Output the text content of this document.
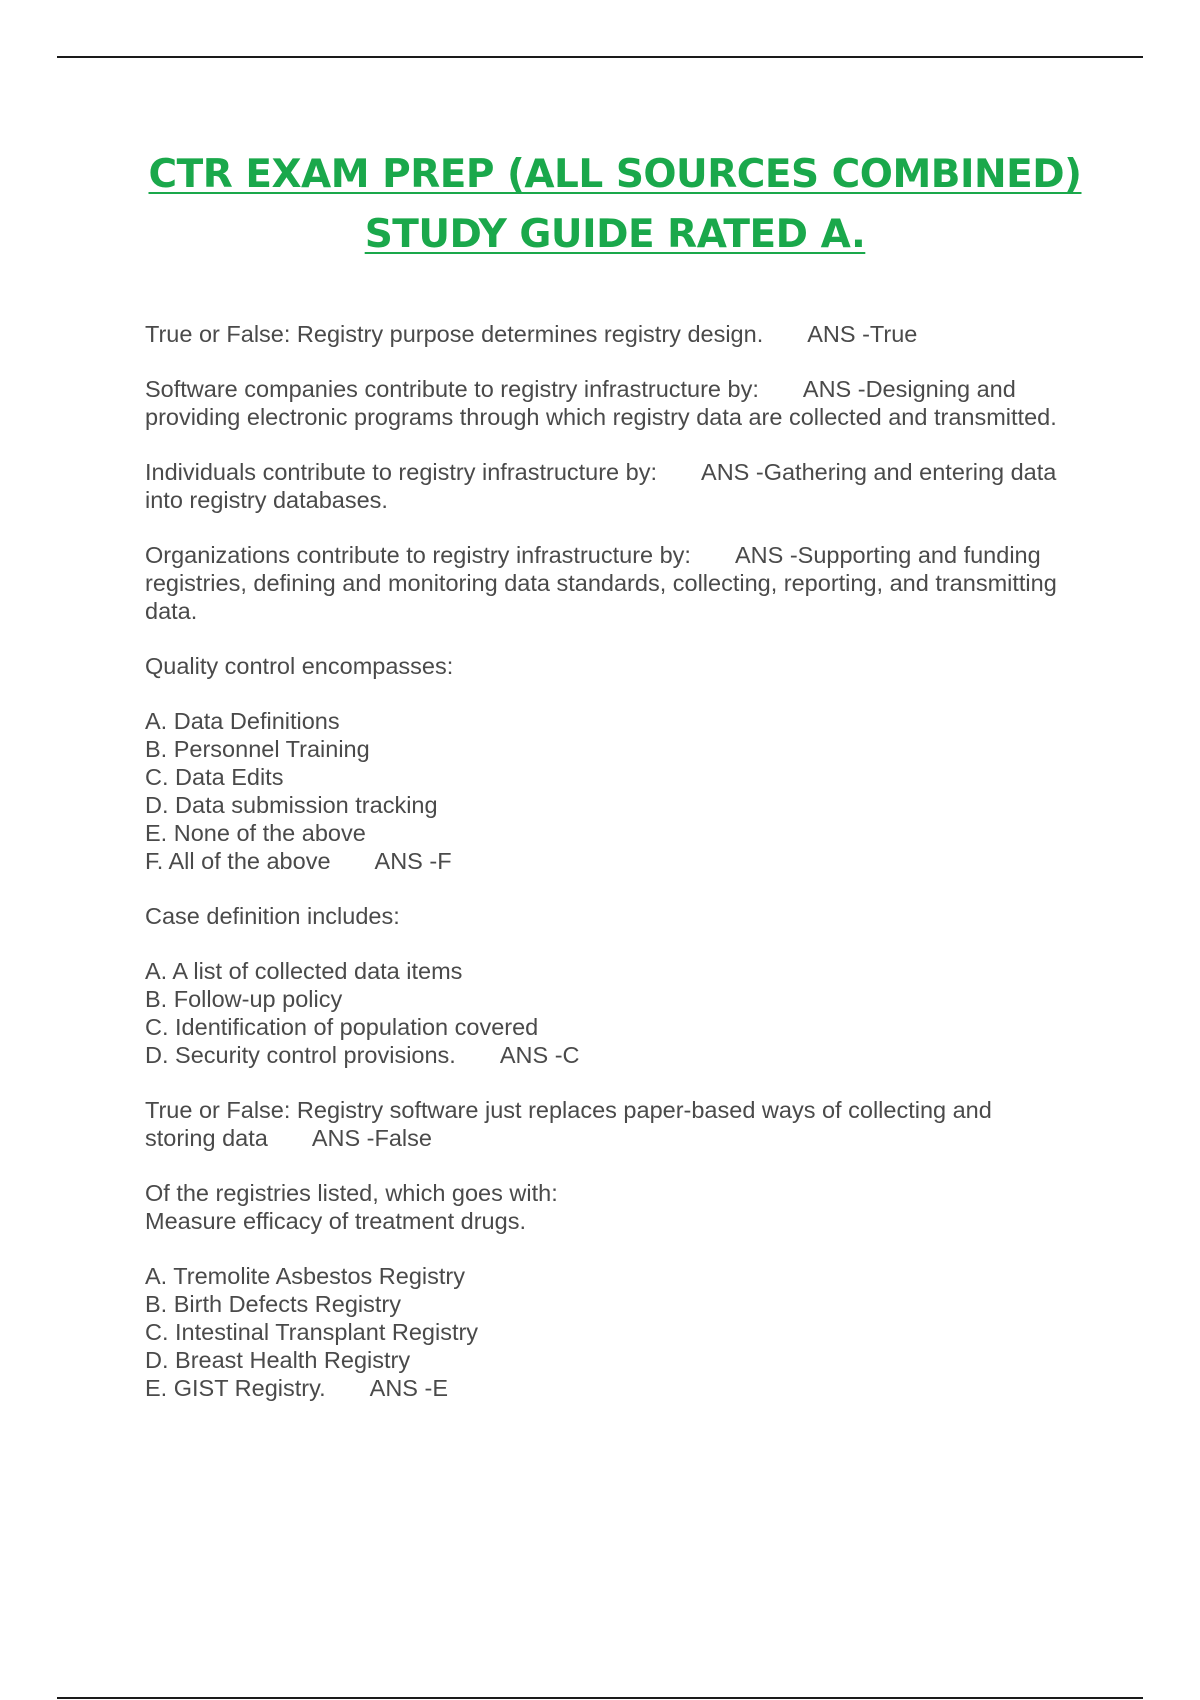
CTR EXAM PREP (ALL SOURCES COMBINED)
STUDY GUIDE RATED A.

True or False: Registry purpose determines registry design. ANS -True

Software companies contribute to registry infrastructure by: ANS -Designing and
providing electronic programs through which registry data are collected and transmitted.

Individuals contribute to registry infrastructure by: ANS -Gathering and entering data
into registry databases.

Organizations contribute to registry infrastructure by: ANS -Supporting and funding
registries, defining and monitoring data standards, collecting, reporting, and transmitting
data.

Quality control encompasses:

A. Data Definitions
B. Personnel Training
C. Data Edits
D. Data submission tracking
E. None of the above
F. All of the above ANS -F

Case definition includes:

A. A list of collected data items
B. Follow-up policy
C. Identification of population covered
D. Security control provisions. ANS -C

True or False: Registry software just replaces paper-based ways of collecting and
storing data ANS -False

Of the registries listed, which goes with:
Measure efficacy of treatment drugs.

A. Tremolite Asbestos Registry
B. Birth Defects Registry
C. Intestinal Transplant Registry
D. Breast Health Registry
E. GIST Registry. ANS -E
